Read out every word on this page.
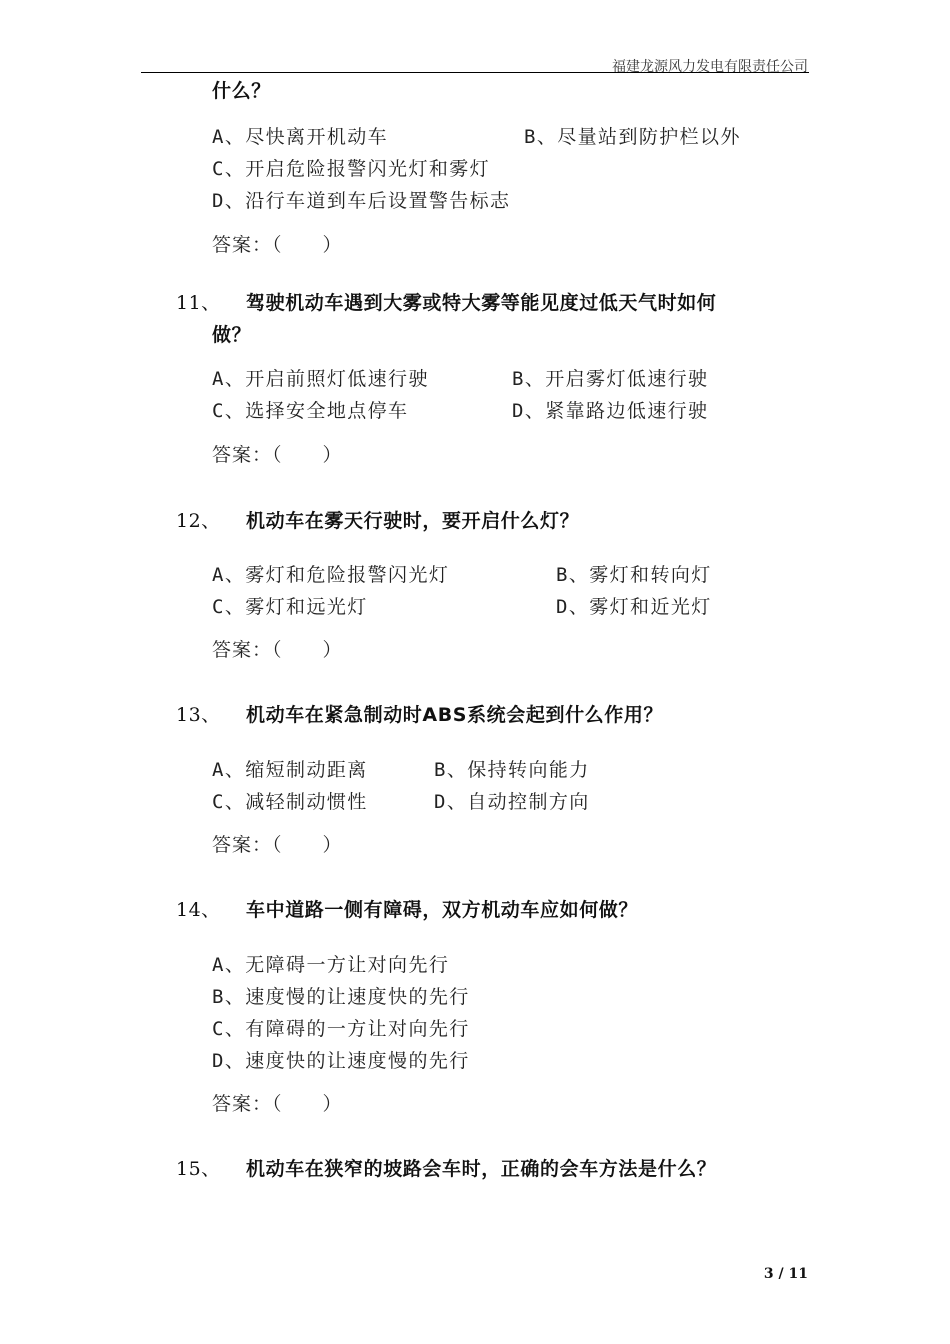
福建龙源风力发电有限责任公司
什么？
A、尽快离开机动车	B、尽量站到防护栏以外
C、开启危险报警闪光灯和雾灯
D、沿行车道到车后设置警告标志
答案：（　　）
11、 驾驶机动车遇到大雾或特大雾等能见度过低天气时如何
做？
A、开启前照灯低速行驶	B、开启雾灯低速行驶
C、选择安全地点停车	D、紧靠路边低速行驶
答案：（　　）
12、 机动车在雾天行驶时，要开启什么灯？
A、雾灯和危险报警闪光灯	B、雾灯和转向灯
C、雾灯和远光灯	D、雾灯和近光灯
答案：（　　）
13、 机动车在紧急制动时ABS系统会起到什么作用？
A、缩短制动距离	B、保持转向能力
C、减轻制动惯性	D、自动控制方向
答案：（　　）
14、 车中道路一侧有障碍，双方机动车应如何做？
A、无障碍一方让对向先行
B、速度慢的让速度快的先行
C、有障碍的一方让对向先行
D、速度快的让速度慢的先行
答案：（　　）
15、 机动车在狭窄的坡路会车时，正确的会车方法是什么？
3 / 11
